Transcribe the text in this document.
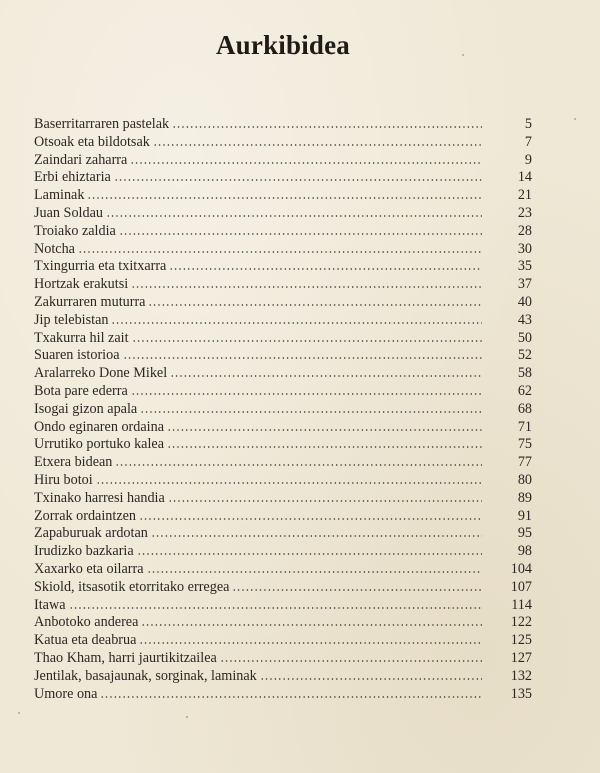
Aurkibidea
Baserritarraren pastelak	5
Otsoak eta bildotsak	7
Zaindari zaharra	9
Erbi ehiztaria	14
Laminak	21
Juan Soldau	23
Troiako zaldia	28
Notcha	30
Txingurria eta txitxarra	35
Hortzak erakutsi	37
Zakurraren muturra	40
Jip telebistan	43
Txakurra hil zait	50
Suaren istorioa	52
Aralarreko Done Mikel	58
Bota pare ederra	62
Isogai gizon apala	68
Ondo eginaren ordaina	71
Urrutiko portuko kalea	75
Etxera bidean	77
Hiru botoi	80
Txinako harresi handia	89
Zorrak ordaintzen	91
Zapaburuak ardotan	95
Irudizko bazkaria	98
Xaxarko eta oilarra	104
Skiold, itsasotik etorritako erregea	107
Itawa	114
Anbotoko anderea	122
Katua eta deabrua	125
Thao Kham, harri jaurtikitzailea	127
Jentilak, basajaunak, sorginak, laminak	132
Umore ona	135
